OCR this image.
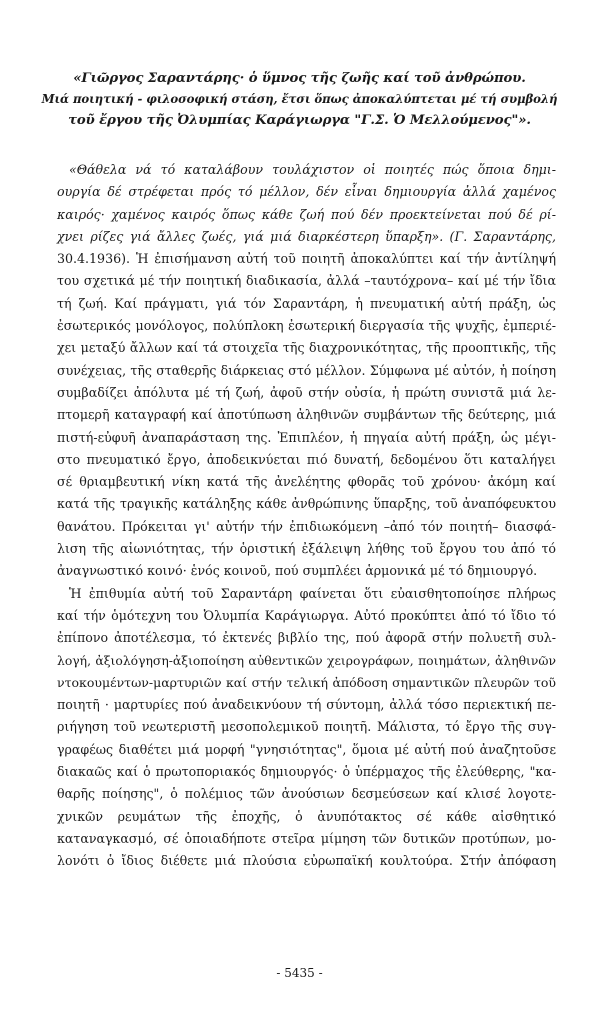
«Γιῶργος Σαραντάρης· ὁ ὕμνος τῆς ζωῆς καί τοῦ ἀνθρώπου.
Μιά ποιητική - φιλοσοφική στάση, ἔτσι ὅπως ἀποκαλύπτεται μέ τή συμβολή
τοῦ ἔργου τῆς Ὀλυμπίας Καράγιωργα "Γ.Σ. Ὁ Μελλούμενος"».
«Θάθελα νά τό καταλάβουν τουλάχιστον οἱ ποιητές πώς ὅποια δημι-
ουργία δέ στρέφεται πρός τό μέλλον, δέν εἶναι δημιουργία ἀλλά χαμένος
καιρός· χαμένος καιρός ὅπως κάθε ζωή πού δέν προεκτείνεται πού δέ ρί-
χνει ρίζες γιά ἄλλες ζωές, γιά μιά διαρκέστερη ὕπαρξη». (Γ. Σαραντάρης,
30.4.1936). Ἡ ἐπισήμανση αὐτή τοῦ ποιητῆ ἀποκαλύπτει καί τήν ἀντίληψή
του σχετικά μέ τήν ποιητική διαδικασία, ἀλλά –ταυτόχρονα– καί μέ τήν ἴδια
τή ζωή. Καί πράγματι, γιά τόν Σαραντάρη, ἡ πνευματική αὐτή πράξη, ὡς
ἐσωτερικός μονόλογος, πολύπλοκη ἐσωτερική διεργασία τῆς ψυχῆς, ἐμπεριέ-
χει μεταξύ ἄλλων καί τά στοιχεῖα τῆς διαχρονικότητας, τῆς προοπτικῆς, τῆς
συνέχειας, τῆς σταθερῆς διάρκειας στό μέλλον. Σύμφωνα μέ αὐτόν, ἡ ποίηση
συμβαδίζει ἀπόλυτα μέ τή ζωή, ἀφοῦ στήν οὐσία, ἡ πρώτη συνιστᾶ μιά λε-
πτομερῆ καταγραφή καί ἀποτύπωση ἀληθινῶν συμβάντων τῆς δεύτερης, μιά
πιστή-εὐφυῆ ἀναπαράσταση της. Ἐπιπλέον, ἡ πηγαία αὐτή πράξη, ὡς μέγι-
στο πνευματικό ἔργο, ἀποδεικνύεται πιό δυνατή, δεδομένου ὅτι καταλήγει
σέ θριαμβευτική νίκη κατά τῆς ἀνελέητης φθορᾶς τοῦ χρόνου· ἀκόμη καί
κατά τῆς τραγικῆς κατάληξης κάθε ἀνθρώπινης ὕπαρξης, τοῦ ἀναπόφευκτου
θανάτου. Πρόκειται γι' αὐτήν τήν ἐπιδιωκόμενη –ἀπό τόν ποιητή– διασφά-
λιση τῆς αἰωνιότητας, τήν ὁριστική ἐξάλειψη λήθης τοῦ ἔργου του ἀπό τό
ἀναγνωστικό κοινό· ἑνός κοινοῦ, πού συμπλέει ἁρμονικά μέ τό δημιουργό.
Ἡ ἐπιθυμία αὐτή τοῦ Σαραντάρη φαίνεται ὅτι εὐαισθητοποίησε πλήρως
καί τήν ὁμότεχνη του Ὀλυμπία Καράγιωργα. Αὐτό προκύπτει ἀπό τό ἴδιο τό
ἐπίπονο ἀποτέλεσμα, τό ἐκτενές βιβλίο της, πού ἀφορᾶ στήν πολυετῆ συλ-
λογή, ἀξιολόγηση-ἀξιοποίηση αὐθεντικῶν χειρογράφων, ποιημάτων, ἀληθινῶν
ντοκουμέντων-μαρτυριῶν καί στήν τελική ἀπόδοση σημαντικῶν πλευρῶν τοῦ
ποιητῆ · μαρτυρίες πού ἀναδεικνύουν τή σύντομη, ἀλλά τόσο περιεκτική πε-
ριήγηση τοῦ νεωτεριστῆ μεσοπολεμικοῦ ποιητῆ. Μάλιστα, τό ἔργο τῆς συγ-
γραφέως διαθέτει μιά μορφή "γνησιότητας", ὅμοια μέ αὐτή πού ἀναζητοῦσε
διακαῶς καί ὁ πρωτοποριακός δημιουργός· ὁ ὑπέρμαχος τῆς ἐλεύθερης, "κα-
θαρῆς ποίησης", ὁ πολέμιος τῶν ἀνούσιων δεσμεύσεων καί κλισέ λογοτε-
χνικῶν ρευμάτων τῆς ἐποχῆς, ὁ ἀνυπότακτος σέ κάθε αἰσθητικό
καταναγκασμό, σέ ὁποιαδήποτε στεῖρα μίμηση τῶν δυτικῶν προτύπων, μο-
λονότι ὁ ἴδιος διέθετε μιά πλούσια εὐρωπαϊκή κουλτούρα. Στήν ἀπόφαση
- 5435 -
